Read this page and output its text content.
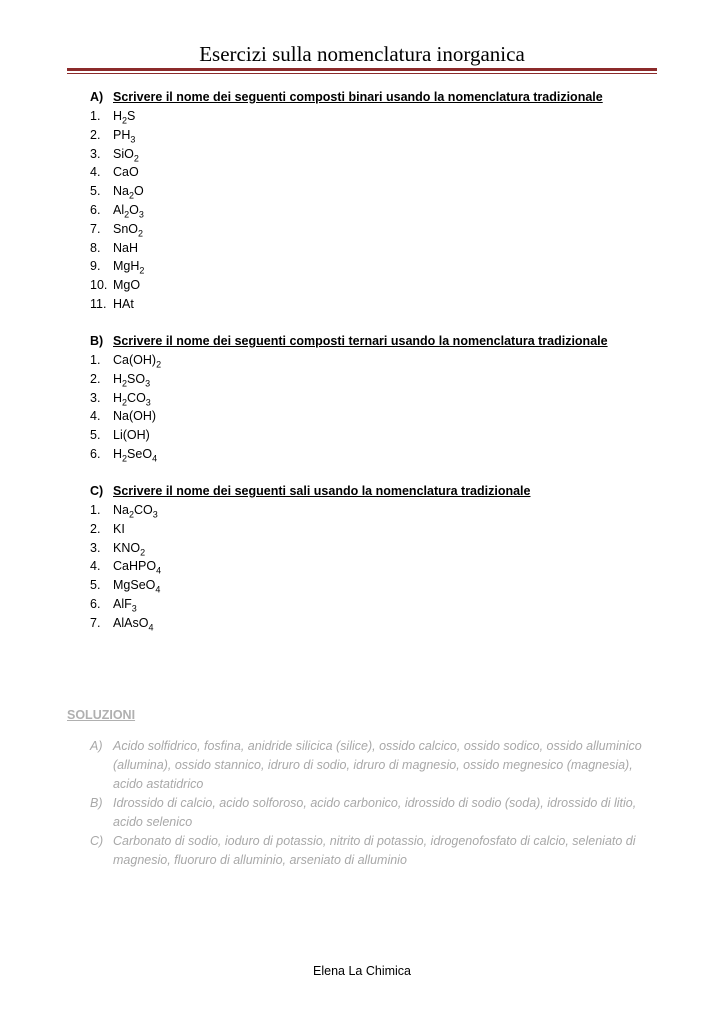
Esercizi sulla nomenclatura inorganica
A) Scrivere il nome dei seguenti composti binari usando la nomenclatura tradizionale
1.	$H_2S$
2.	$PH_3$
3.	SiO$_2$
4.	CaO
5.	$Na_2O$
6.	$Al_2O_3$
7.	SnO$_2$
8.	NaH
9.	MgH$_2$
10. MgO
11. HAt
B) Scrivere il nome dei seguenti composti ternari usando la nomenclatura tradizionale
1.	$Ca(OH)_2$
2.	$H_2SO_3$
3.	$H_2CO_3$
4.	Na(OH)
5.	Li(OH)
6.	$H_2SeO_4$
C) Scrivere il nome dei seguenti sali usando la nomenclatura tradizionale
1.	$Na_2CO_3$
2.	KI
3.	$KNO_2$
4.	CaHPO$_4$
5.	MgSeO$_4$
6.	AlF$_3$
7.	AlAsO$_4$
SOLUZIONI
A) Acido solfidrico, fosfina, anidride silicica (silice), ossido calcico, ossido sodico, ossido alluminico (allumina), ossido stannico, idruro di sodio, idruro di magnesio, ossido megnesico (magnesia), acido astatidrico
B) Idrossido di calcio, acido solforoso, acido carbonico, idrossido di sodio (soda), idrossido di litio, acido selenico
C) Carbonato di sodio, ioduro di potassio, nitrito di potassio, idrogenofosfato di calcio, seleniato di magnesio, fluoruro di alluminio, arseniato di alluminio
Elena La Chimica
